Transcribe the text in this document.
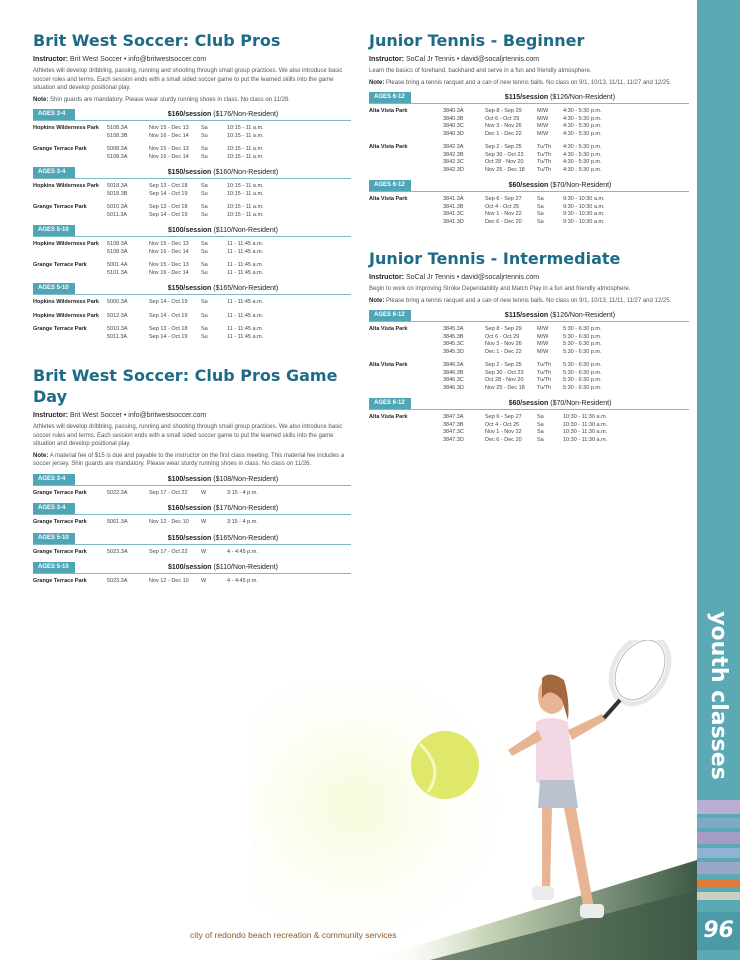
Brit West Soccer: Club Pros

Instructor: Brit West Soccer • info@britwestsoccer.com

Athletes will develop dribbling, passing, running and shooting through small group practices. We also introduce basic soccer rules and terms. Each session ends with a small sided soccer game to put the learned skills into the game situation and develop positional play.

Note: Shin guards are mandatory. Please wear sturdy running shoes in class. No class on 11/28.

AGES 3-4	$160/session ($176/Non-Resident)
Hopkins Wilderness Park	5108.3A	Nov 15 - Dec 13	Sa	10:15 - 11 a.m.
5108.3B	Nov 16 - Dec 14	Su	10:15 - 11 a.m.
Grange Terrace Park	5008.3A	Nov 15 - Dec 13	Sa	10:15 - 11 a.m.
5108.3A	Nov 16 - Dec 14	Su	10:15 - 11 a.m.
AGES 3-4	$150/session ($160/Non-Resident)
Hopkins Wilderness Park	5018.3A	Sep 13 - Oct 18	Sa	10:15 - 11 a.m.
5018.3B	Sep 14 - Oct 19	Su	10:15 - 11 a.m.
Grange Terrace Park	5010.3A	Sep 13 - Oct 18	Sa	10:15 - 11 a.m.
5011.3A	Sep 14 - Oct 19	Su	10:15 - 11 a.m.
AGES 5-10	$100/session ($110/Non-Resident)
Hopkins Wilderness Park	5108.3A	Nov 15 - Dec 13	Sa	11 - 11:45 a.m.
5108.3A	Nov 16 - Dec 14	Su	11 - 11:45 a.m.
Grange Terrace Park	5001.4A	Nov 15 - Dec 13	Sa	11 - 11:45 a.m.
5101.3A	Nov 16 - Dec 14	Su	11 - 11:45 a.m.
AGES 5-10	$150/session ($165/Non-Resident)
Hopkins Wilderness Park	5000.3A	Sep 14 - Oct 19	Sa	11 - 11:45 a.m.
Hopkins Wilderness Park	5012.3A	Sep 14 - Oct 19	Su	11 - 11:45 a.m.
Grange Terrace Park	5010.3A	Sep 13 - Oct 18	Sa	11 - 11:45 a.m.
5011.3A	Sep 14 - Oct 19	Su	11 - 11:45 a.m.
Brit West Soccer: Club Pros Game Day

Instructor: Brit West Soccer • info@britwestsoccer.com

Athletes will develop dribbling, passing, running and shooting through small group practices. We also introduce basic soccer rules and terms. Each session ends with a small sided soccer game to put the learned skills into the game situation and develop positional play.

Note: A material fee of $15 is due and payable to the instructor on the first class meeting. This material fee includes a soccer jersey. Shin guards are mandatory. Please wear sturdy running shoes in class. No class on 11/26.

AGES 3-4	$100/session ($108/Non-Resident)
Grange Terrace Park	5022.3A	Sep 17 - Oct 22	W	3:15 - 4 p.m.
AGES 3-4	$160/session ($176/Non-Resident)
Grange Terrace Park	5061.3A	Nov 12 - Dec 10	W	3:15 - 4 p.m.
AGES 5-10	$150/session ($165/Non-Resident)
Grange Terrace Park	5023.3A	Sep 17 - Oct 22	W	4 - 4:45 p.m.
AGES 5-10	$100/session ($110/Non-Resident)
Grange Terrace Park	5023.3A	Nov 12 - Dec 10	W	4 - 4:45 p.m.
Junior Tennis - Beginner

Instructor: SoCal Jr Tennis • david@socaljrtennis.com

Learn the basics of forehand, backhand and serve in a fun and friendly atmosphere.

Note: Please bring a tennis racquet and a can of new tennis balls. No class on 9/1, 10/13, 11/11, 11/27 and 12/25.

AGES 6-12	$115/session ($126/Non-Resident)
Alta Vista Park	3840.3A	Sep 8 - Sep 29	M/W	4:30 - 5:30 p.m.
3840.3B	Oct 6 - Oct 29	M/W	4:30 - 5:30 p.m.
3840.3C	Nov 3 - Nov 26	M/W	4:30 - 5:30 p.m.
3840.3D	Dec 1 - Dec 22	M/W	4:30 - 5:30 p.m.
Alta Vista Park	3842.3A	Sep 2 - Sep 25	Tu/Th	4:30 - 5:30 p.m.
3842.3B	Sep 30 - Oct 23	Tu/Th	4:30 - 5:30 p.m.
3842.3C	Oct 28 - Nov 20	Tu/Th	4:30 - 5:30 p.m.
3842.3D	Nov 25 - Dec 18	Tu/Th	4:30 - 5:30 p.m.
AGES 6-12	$60/session ($70/Non-Resident)
Alta Vista Park	3841.3A	Sep 6 - Sep 27	Sa	9:30 - 10:30 a.m.
3841.3B	Oct 4 - Oct 25	Sa	9:30 - 10:30 a.m.
3841.3C	Nov 1 - Nov 22	Sa	9:30 - 10:30 a.m.
3841.3D	Dec 6 - Dec 20	Sa	9:30 - 10:30 a.m.
Junior Tennis - Intermediate

Instructor: SoCal Jr Tennis • david@socaljrtennis.com

Begin to work on improving Stroke Dependability and Match Play in a fun and friendly atmosphere.

Note: Please bring a tennis racquet and a can of new tennis balls. No class on 9/1, 10/13, 11/11, 11/27 and 12/25.

AGES 6-12	$115/session ($126/Non-Resident)
Alta Vista Park	3845.3A	Sep 8 - Sep 29	M/W	5:30 - 6:30 p.m.
3845.3B	Oct 6 - Oct 29	M/W	5:30 - 6:30 p.m.
3845.3C	Nov 3 - Nov 26	M/W	5:30 - 6:30 p.m.
3845.3D	Dec 1 - Dec 22	M/W	5:30 - 6:30 p.m.
Alta Vista Park	3846.3A	Sep 2 - Sep 25	Tu/Th	5:30 - 6:30 p.m.
3846.3B	Sep 30 - Oct 23	Tu/Th	5:30 - 6:30 p.m.
3846.3C	Oct 28 - Nov 20	Tu/Th	5:30 - 6:30 p.m.
3846.3D	Nov 25 - Dec 18	Tu/Th	5:30 - 6:30 p.m.
AGES 6-12	$60/session ($70/Non-Resident)
Alta Vista Park	3847.3A	Sep 6 - Sep 27	Sa	10:30 - 11:30 a.m.
3847.3B	Oct 4 - Oct 25	Sa	10:30 - 11:30 a.m.
3847.3C	Nov 1 - Nov 22	Sa	10:30 - 11:30 a.m.
3847.3D	Dec 6 - Dec 20	Sa	10:30 - 11:30 a.m.
youth classes
96
city of redondo beach recreation & community services
